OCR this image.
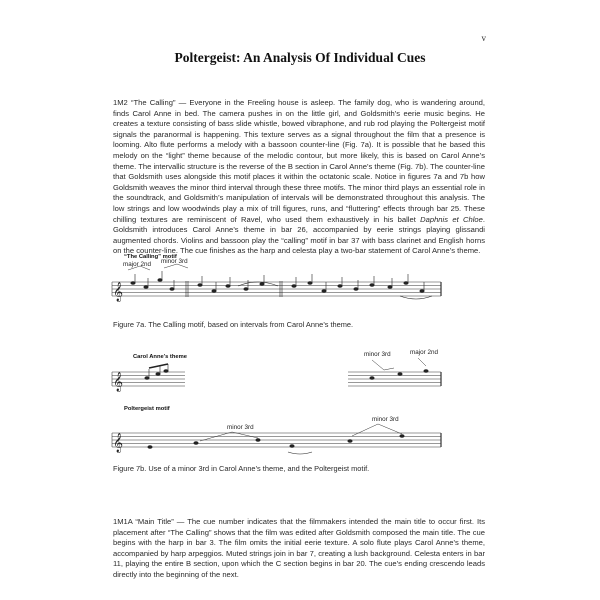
v
Poltergeist: An Analysis Of Individual Cues

1M2 “The Calling” — Everyone in the Freeling house is asleep. The family dog, who is wandering around, finds Carol Anne in bed. The camera pushes in on the little girl, and Goldsmith’s eerie music begins. He creates a texture consisting of bass slide whistle, bowed vibraphone, and rub rod playing the Poltergeist motif signals the paranormal is happening. This texture serves as a signal throughout the film that a presence is looming. Alto flute performs a melody with a bassoon counter-line (Fig. 7a). It is possible that he based this melody on the “light” theme because of the melodic contour, but more likely, this is based on Carol Anne’s theme. The intervallic structure is the reverse of the B section in Carol Anne’s theme (Fig. 7b). The counter-line that Goldsmith uses alongside this motif places it within the octatonic scale. Notice in figures 7a and 7b how Goldsmith weaves the minor third interval through these three motifs. The minor third plays an essential role in the soundtrack, and Goldsmith’s manipulation of intervals will be demonstrated throughout this analysis. The low strings and low woodwinds play a mix of trill figures, runs, and “fluttering” effects through bar 25. These chilling textures are reminiscent of Ravel, who used them exhaustively in his ballet Daphnis et Chloe. Goldsmith introduces Carol Anne’s theme in bar 26, accompanied by eerie strings playing glissandi augmented chords. Violins and bassoon play the “calling” motif in bar 37 with bass clarinet and English horns on the counter-line. The cue finishes as the harp and celesta play a two-bar statement of Carol Anne’s theme.

“The Calling” motif
major 2nd minor 3rd
𝄞
Carol Anne’s theme	minor 3rd	major 2nd
𝄞
Poltergeist motif
minor 3rd
minor 3rd
𝄞
Figure 7a. The Calling motif, based on intervals from Carol Anne’s theme.
Figure 7b. Use of a minor 3rd in Carol Anne’s theme, and the Poltergeist motif.

1M1A “Main Title” — The cue number indicates that the filmmakers intended the main title to occur first. Its placement after “The Calling” shows that the film was edited after Goldsmith composed the main title. The cue begins with the harp in bar 3. The film omits the initial eerie texture. A solo flute plays Carol Anne’s theme, accompanied by harp arpeggios. Muted strings join in bar 7, creating a lush background. Celesta enters in bar 11, playing the entire B section, upon which the C section begins in bar 20. The cue’s ending crescendo leads directly into the beginning of the next.
